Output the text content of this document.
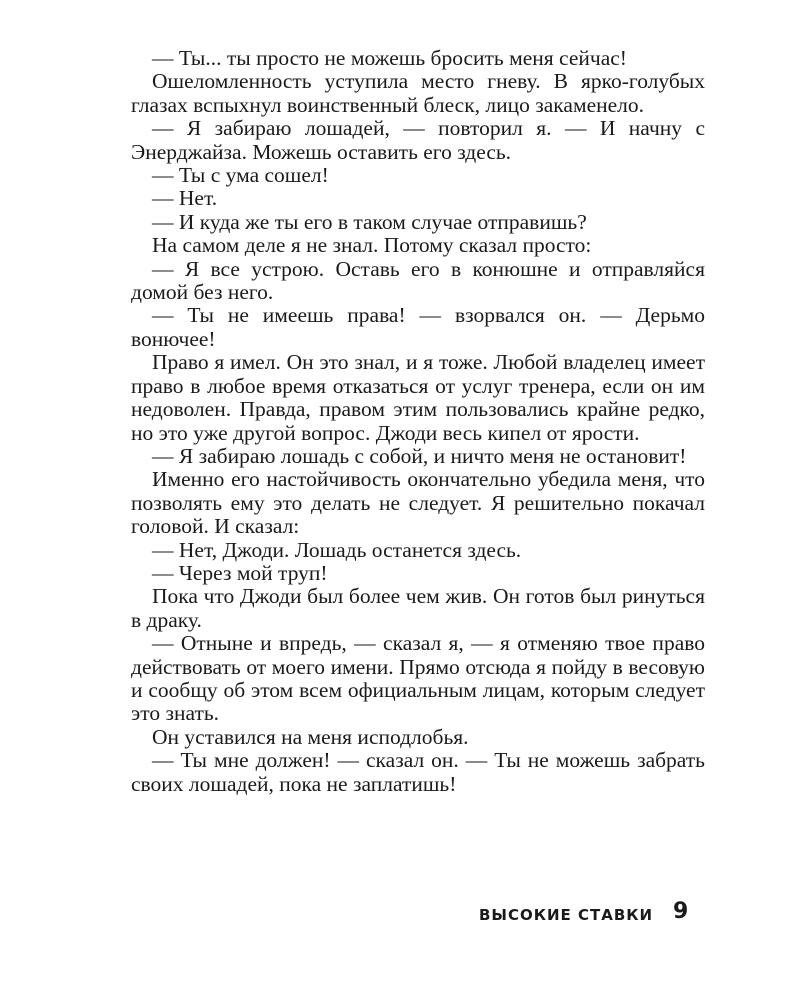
— Ты... ты просто не можешь бросить меня сейчас!

Ошеломленность уступила место гневу. В ярко-голубых глазах вспыхнул воинственный блеск, лицо закаменело.

— Я забираю лошадей, — повторил я. — И начну с Энерджайза. Можешь оставить его здесь.

— Ты с ума сошел!

— Нет.

— И куда же ты его в таком случае отправишь?

На самом деле я не знал. Потому сказал просто:

— Я все устрою. Оставь его в конюшне и отправляйся домой без него.

— Ты не имеешь права! — взорвался он. — Дерьмо вонючее!

Право я имел. Он это знал, и я тоже. Любой владелец имеет право в любое время отказаться от услуг тренера, если он им недоволен. Правда, правом этим пользовались крайне редко, но это уже другой вопрос. Джоди весь кипел от ярости.

— Я забираю лошадь с собой, и ничто меня не остановит!

Именно его настойчивость окончательно убедила меня, что позволять ему это делать не следует. Я решительно покачал головой. И сказал:

— Нет, Джоди. Лошадь останется здесь.

— Через мой труп!

Пока что Джоди был более чем жив. Он готов был ринуться в драку.

— Отныне и впредь, — сказал я, — я отменяю твое право действовать от моего имени. Прямо отсюда я пойду в весовую и сообщу об этом всем официальным лицам, которым следует это знать.

Он уставился на меня исподлобья.

— Ты мне должен! — сказал он. — Ты не можешь забрать своих лошадей, пока не заплатишь!

ВЫСОКИЕ СТАВКИ 9
